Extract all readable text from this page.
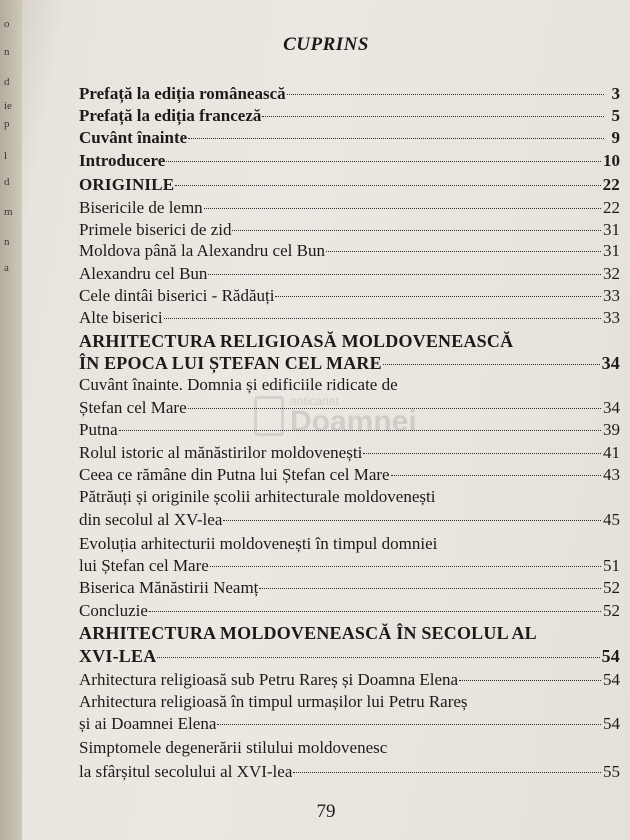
o
n
d
ie
p
l
d
m
n
a
CUPRINS
anticariat
Doamnei
Prefață la ediția românească	3
Prefață la ediția franceză	5
Cuvânt înainte	9
Introducere	10
ORIGINILE	22
Bisericile de lemn	22
Primele biserici de zid	31
Moldova până la Alexandru cel Bun	31
Alexandru cel Bun	32
Cele dintâi biserici - Rădăuți	33
Alte biserici	33
ARHITECTURA RELIGIOASĂ MOLDOVENEASCĂ
ÎN EPOCA LUI ȘTEFAN CEL MARE	34
Cuvânt înainte. Domnia și edificiile ridicate de
Ștefan cel Mare	34
Putna	39
Rolul istoric al mănăstirilor moldovenești	41
Ceea ce rămâne din Putna lui Ștefan cel Mare	43
Pătrăuți și originile școlii arhitecturale moldovenești
din secolul al XV-lea	45
Evoluția arhitecturii moldovenești în timpul domniei
lui Ștefan cel Mare	51
Biserica Mănăstirii Neamț	52
Concluzie	52
ARHITECTURA MOLDOVENEASCĂ ÎN SECOLUL AL
XVI-LEA	54
Arhitectura religioasă sub Petru Rareș și Doamna Elena	54
Arhitectura religioasă în timpul urmașilor lui Petru Rareș
și ai Doamnei Elena	54
Simptomele degenerării stilului moldovenesc
la sfârșitul secolului al XVI-lea	55
79
